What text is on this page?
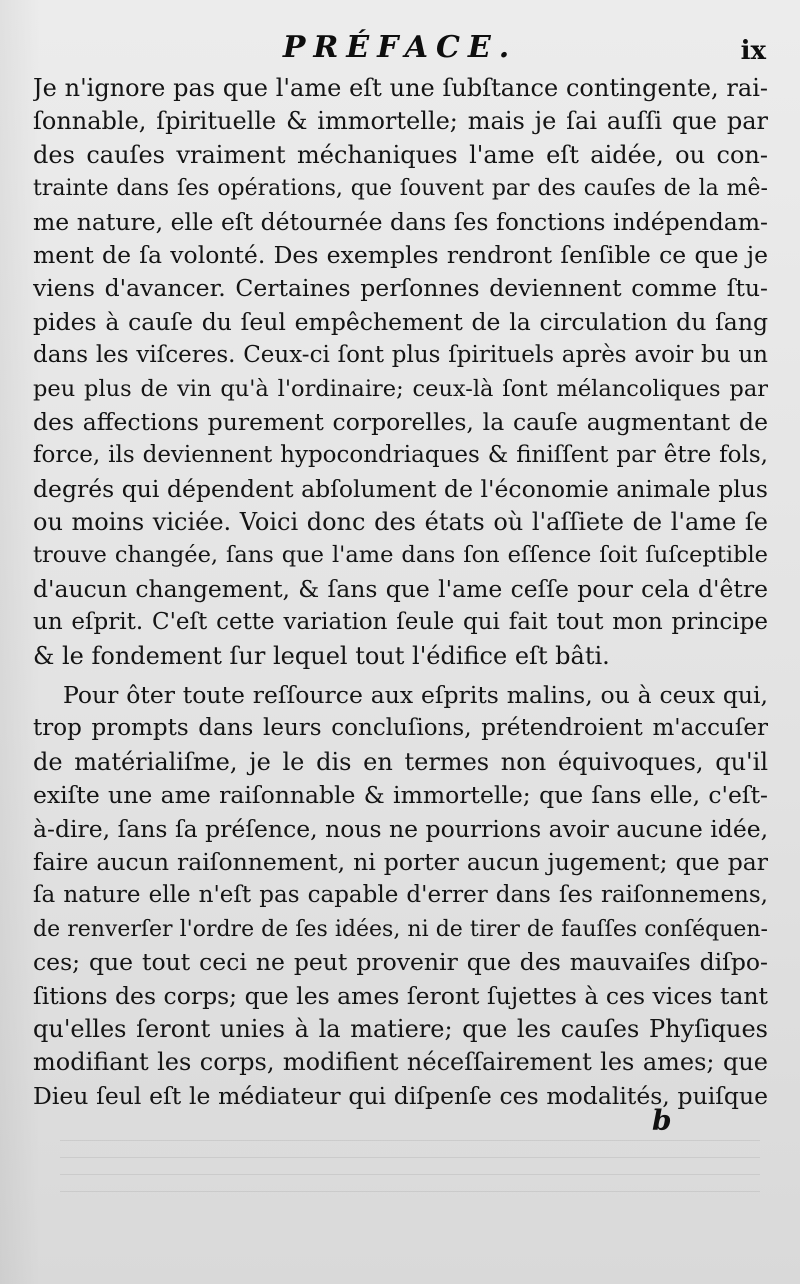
PRÉFACE.	ix
Je n'ignore pas que l'ame eſt une ſubſtance contingente, rai-
ſonnable, ſpirituelle & immortelle; mais je ſai auſſi que par
des cauſes vraiment méchaniques l'ame eſt aidée, ou con-
trainte dans ſes opérations, que ſouvent par des cauſes de la mê-
me nature, elle eſt détournée dans ſes fonctions indépendam-
ment de ſa volonté. Des exemples rendront ſenſible ce que je
viens d'avancer. Certaines perſonnes deviennent comme ſtu-
pides à cauſe du ſeul empêchement de la circulation du ſang
dans les viſceres. Ceux-ci ſont plus ſpirituels après avoir bu un
peu plus de vin qu'à l'ordinaire; ceux-là ſont mélancoliques par
des affections purement corporelles, la cauſe augmentant de
force, ils deviennent hypocondriaques & finiſſent par être fols,
degrés qui dépendent abſolument de l'économie animale plus
ou moins viciée. Voici donc des états où l'aſſiete de l'ame ſe
trouve changée, ſans que l'ame dans ſon eſſence ſoit ſuſceptible
d'aucun changement, & ſans que l'ame ceſſe pour cela d'être
un eſprit. C'eſt cette variation ſeule qui fait tout mon principe
& le fondement ſur lequel tout l'édifice eſt bâti.
Pour ôter toute reſſource aux eſprits malins, ou à ceux qui,
trop prompts dans leurs concluſions, prétendroient m'accuſer
de matérialiſme, je le dis en termes non équivoques, qu'il
exiſte une ame raiſonnable & immortelle; que ſans elle, c'eſt-
à-dire, ſans ſa préſence, nous ne pourrions avoir aucune idée,
faire aucun raiſonnement, ni porter aucun jugement; que par
ſa nature elle n'eſt pas capable d'errer dans ſes raiſonnemens,
de renverſer l'ordre de ſes idées, ni de tirer de fauſſes conſéquen-
ces; que tout ceci ne peut provenir que des mauvaiſes diſpo-
ſitions des corps; que les ames ſeront ſujettes à ces vices tant
qu'elles ſeront unies à la matiere; que les cauſes Phyſiques
modifiant les corps, modifient néceſſairement les ames; que
Dieu ſeul eſt le médiateur qui diſpenſe ces modalités, puiſque
b
